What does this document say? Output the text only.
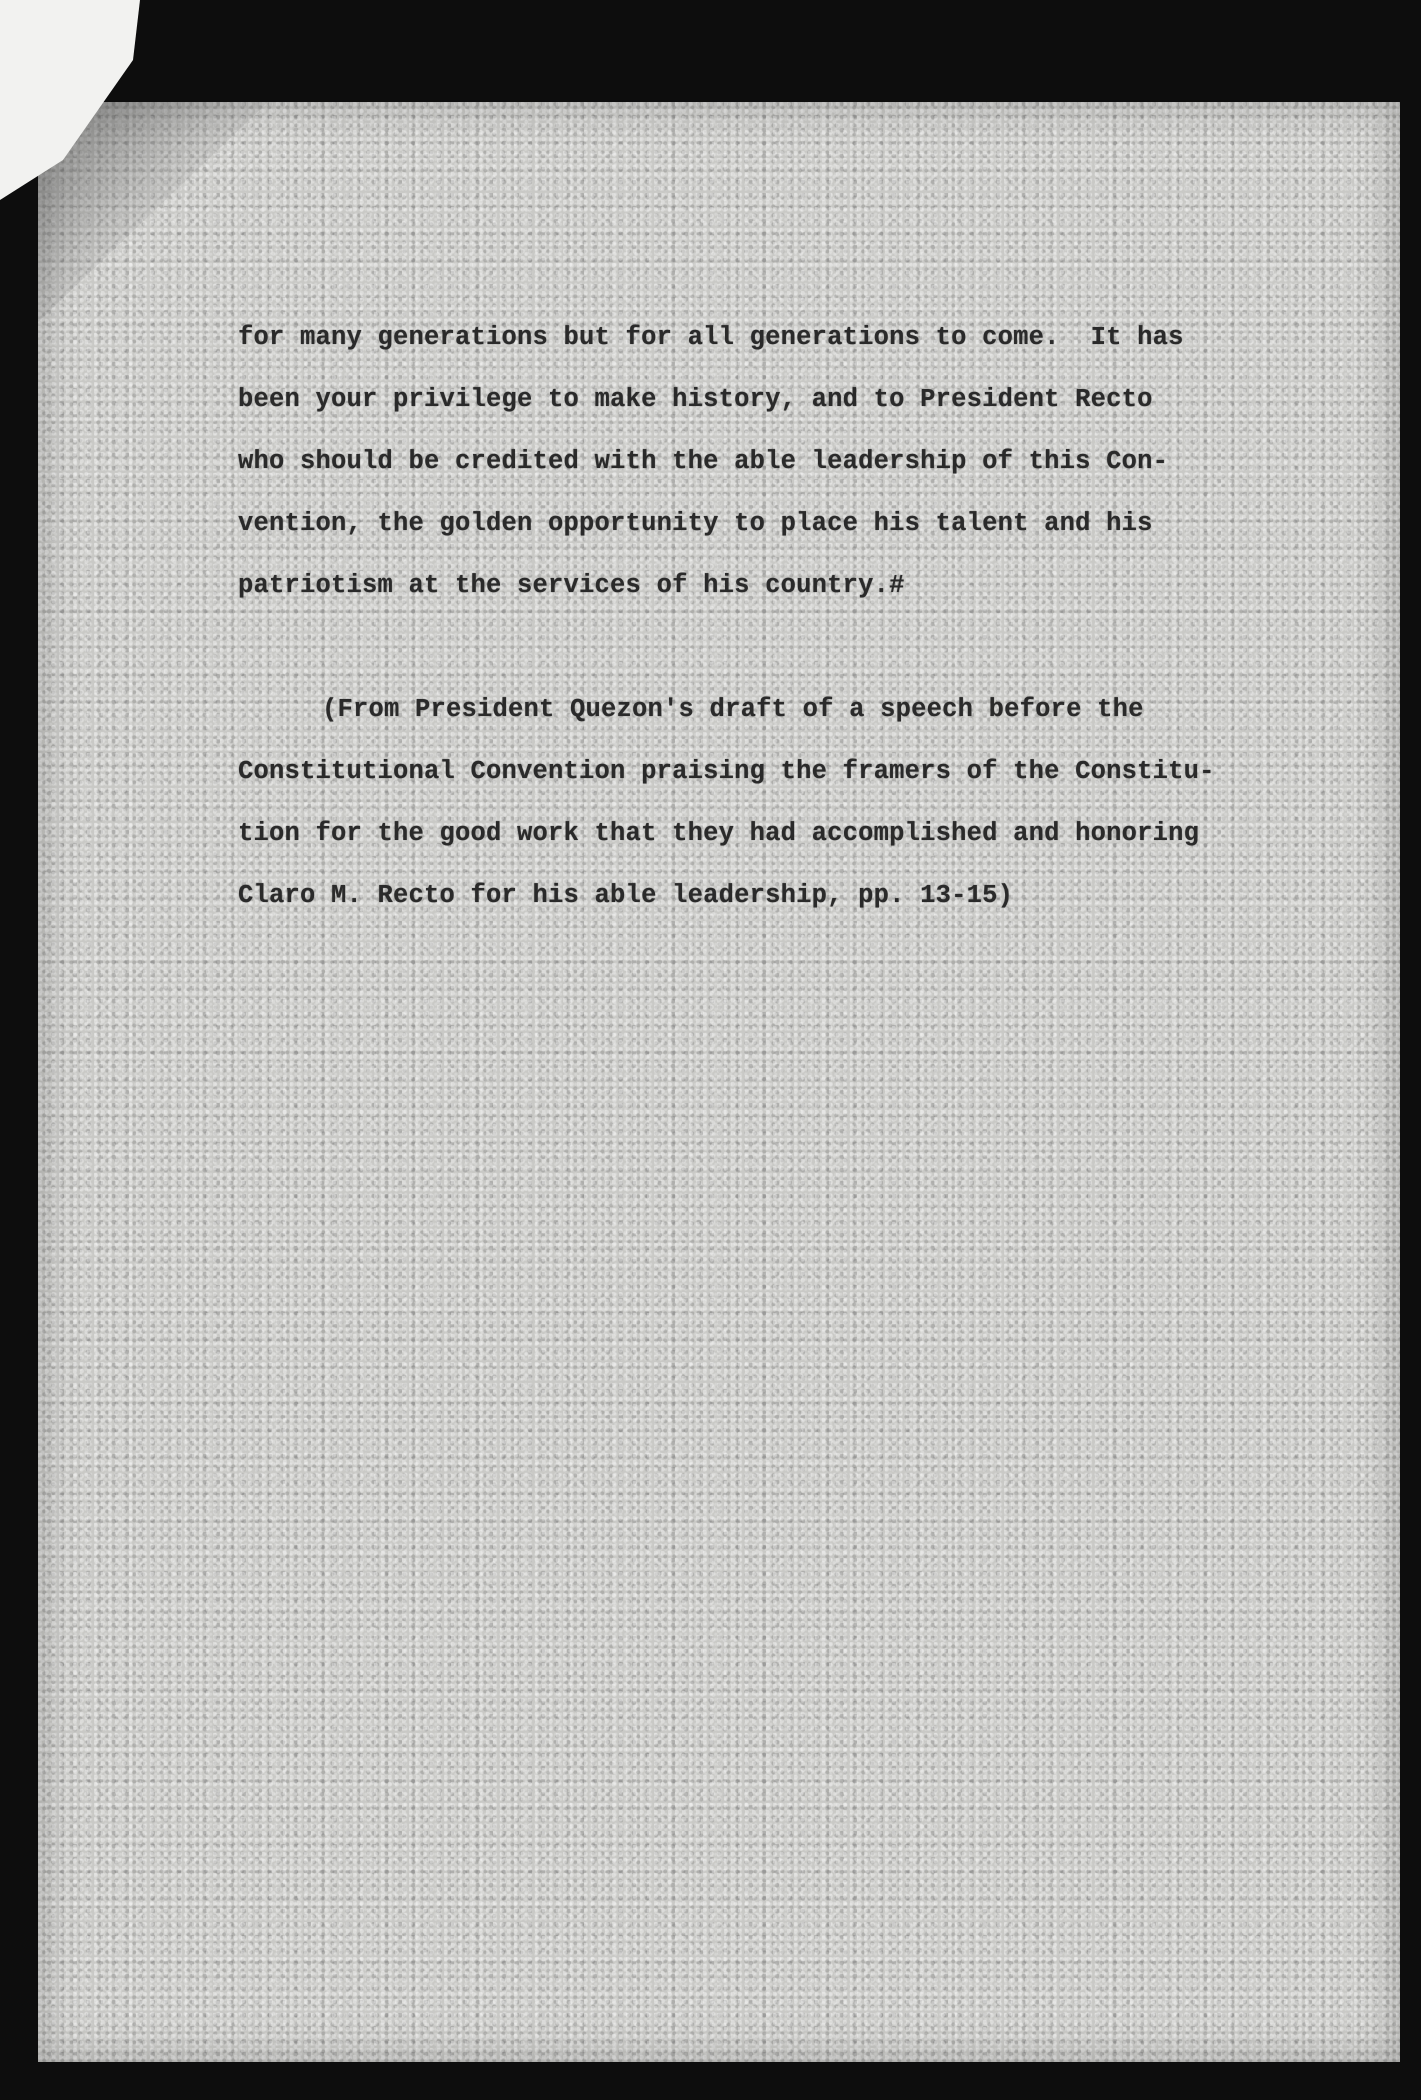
for many generations but for all generations to come.  It has
been your privilege to make history, and to President Recto
who should be credited with the able leadership of this Con-
vention, the golden opportunity to place his talent and his
patriotism at the services of his country.#
(From President Quezon's draft of a speech before the
Constitutional Convention praising the framers of the Constitu-
tion for the good work that they had accomplished and honoring
Claro M. Recto for his able leadership, pp. 13-15)
